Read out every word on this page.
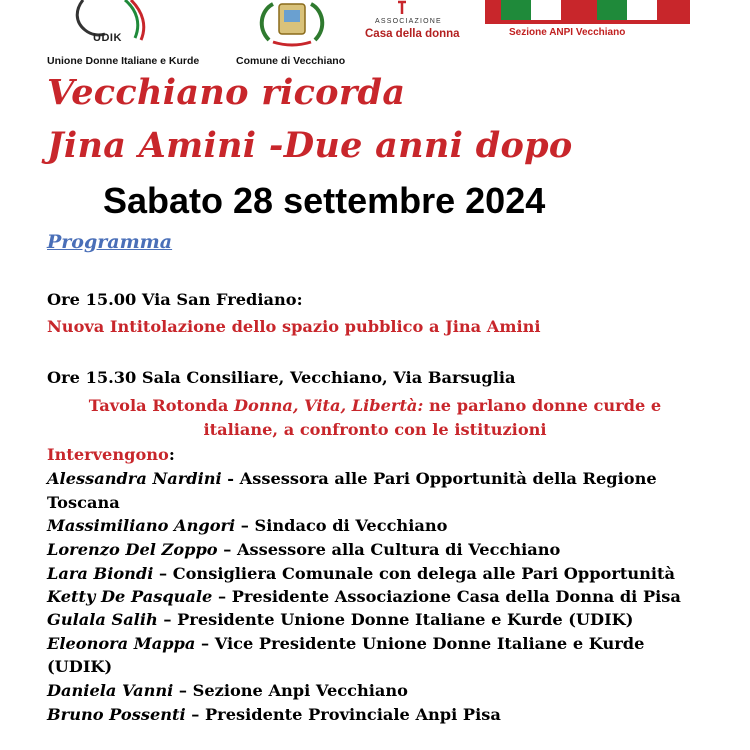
UDIK
Unione Donne Italiane e Kurde	Comune di Vecchiano
ASSOCIAZIONE
Casa della donna	Sezione ANPI Vecchiano
Vecchiano ricorda
Jina Amini -Due anni dopo
Sabato 28 settembre 2024
Programma
Ore 15.00 Via San Frediano:
Nuova Intitolazione dello spazio pubblico a Jina Amini
Ore 15.30 Sala Consiliare, Vecchiano, Via Barsuglia
Tavola Rotonda Donna, Vita, Libertà: ne parlano donne curde e
italiane, a confronto con le istituzioni
Intervengono:
Alessandra Nardini - Assessora alle Pari Opportunità della Regione
Toscana
Massimiliano Angori – Sindaco di Vecchiano
Lorenzo Del Zoppo – Assessore alla Cultura di Vecchiano
Lara Biondi – Consigliera Comunale con delega alle Pari Opportunità
Ketty De Pasquale – Presidente Associazione Casa della Donna di Pisa
Gulala Salih – Presidente Unione Donne Italiane e Kurde (UDIK)
Eleonora Mappa – Vice Presidente Unione Donne Italiane e Kurde
(UDIK)
Daniela Vanni – Sezione Anpi Vecchiano
Bruno Possenti – Presidente Provinciale Anpi Pisa
